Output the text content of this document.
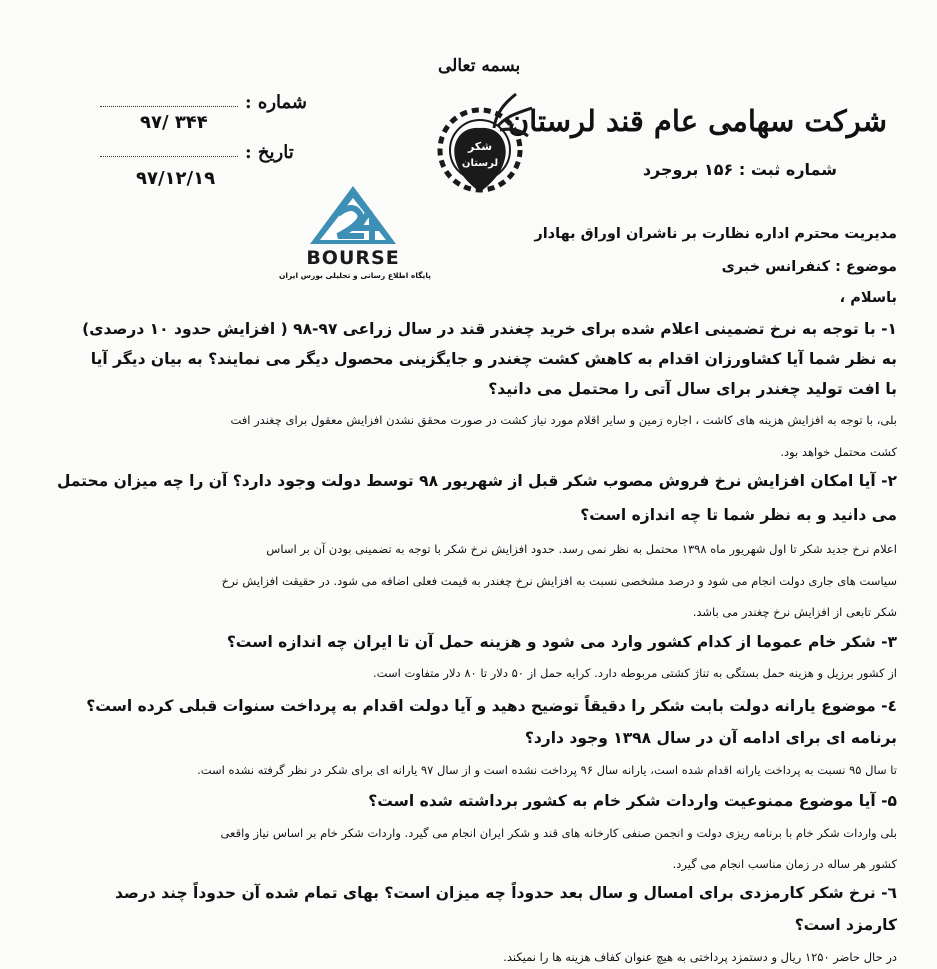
بسمه تعالی
شرکت سهامی عام قند لرستان
شماره ثبت : ۱۵۶ بروجرد
شماره :
۹۷/ ۳۴۴
تاریخ :
۹۷/۱۲/۱۹
شکر
لرستان
BOURSE
پایگاه اطلاع رسانی و تحلیلی بورس ایران
مدیریت محترم اداره نظارت بر ناشران اوراق بهادار
موضوع : کنفرانس خبری
باسلام ،
۱- با توجه به نرخ تضمینی اعلام شده برای خرید چغندر قند در سال زراعی ۹۷-۹۸ ( افزایش حدود ۱۰ درصدی)
به نظر شما آیا کشاورزان اقدام به کاهش کشت چغندر و جایگزینی محصول دیگر می نمایند؟ به بیان دیگر آیا
با افت تولید چغندر برای سال آتی را محتمل می دانید؟
بلی، با توجه به افزایش هزینه های کاشت ، اجاره زمین و سایر اقلام مورد نیاز کشت در صورت محقق نشدن افزایش معقول برای چغندر افت
کشت محتمل خواهد بود.
۲- آیا امکان افزایش نرخ فروش مصوب شکر قبل از شهریور ۹۸ توسط دولت وجود دارد؟ آن را چه میزان محتمل
می دانید و به نظر شما تا چه اندازه است؟
اعلام نرخ جدید شکر تا اول شهریور ماه ۱۳۹۸ محتمل به نظر نمی رسد. حدود افزایش نرخ شکر با توجه به تضمینی بودن آن بر اساس
سیاست های جاری دولت انجام می شود و درصد مشخصی نسبت به افزایش نرخ چغندر به قیمت فعلی اضافه می شود. در حقیقت افزایش نرخ
شکر تابعی از افزایش نرخ چغندر می باشد.
۳- شکر خام عموما از کدام کشور وارد می شود و هزینه حمل آن تا ایران چه اندازه است؟
از کشور برزیل و هزینه حمل بستگی به تناژ کشتی مربوطه دارد. کرایه حمل از ۵۰ دلار تا ۸۰ دلار متفاوت است.
٤- موضوع یارانه دولت بابت شکر را دقیقاً توضیح دهید و آیا دولت اقدام به پرداخت سنوات قبلی کرده است؟
برنامه ای برای ادامه آن در سال ۱۳۹۸ وجود دارد؟
تا سال ۹۵ نسبت به پرداخت یارانه اقدام شده است، یارانه سال ۹۶ پرداخت نشده است و از سال ۹۷ یارانه ای برای شکر در نظر گرفته نشده است.
۵- آیا موضوع ممنوعیت واردات شکر خام به کشور برداشته شده است؟
بلی واردات شکر خام با برنامه ریزی دولت و انجمن صنفی کارخانه های قند و شکر ایران انجام می گیرد. واردات شکر خام بر اساس نیاز واقعی
کشور هر ساله در زمان مناسب انجام می گیرد.
٦- نرخ شکر کارمزدی برای امسال و سال بعد حدوداً چه میزان است؟ بهای تمام شده آن حدوداً چند درصد
کارمزد است؟
در حال حاضر ۱۲۵۰ ریال و دستمزد پرداختی به هیچ عنوان کفاف هزینه ها را نمیکند.
